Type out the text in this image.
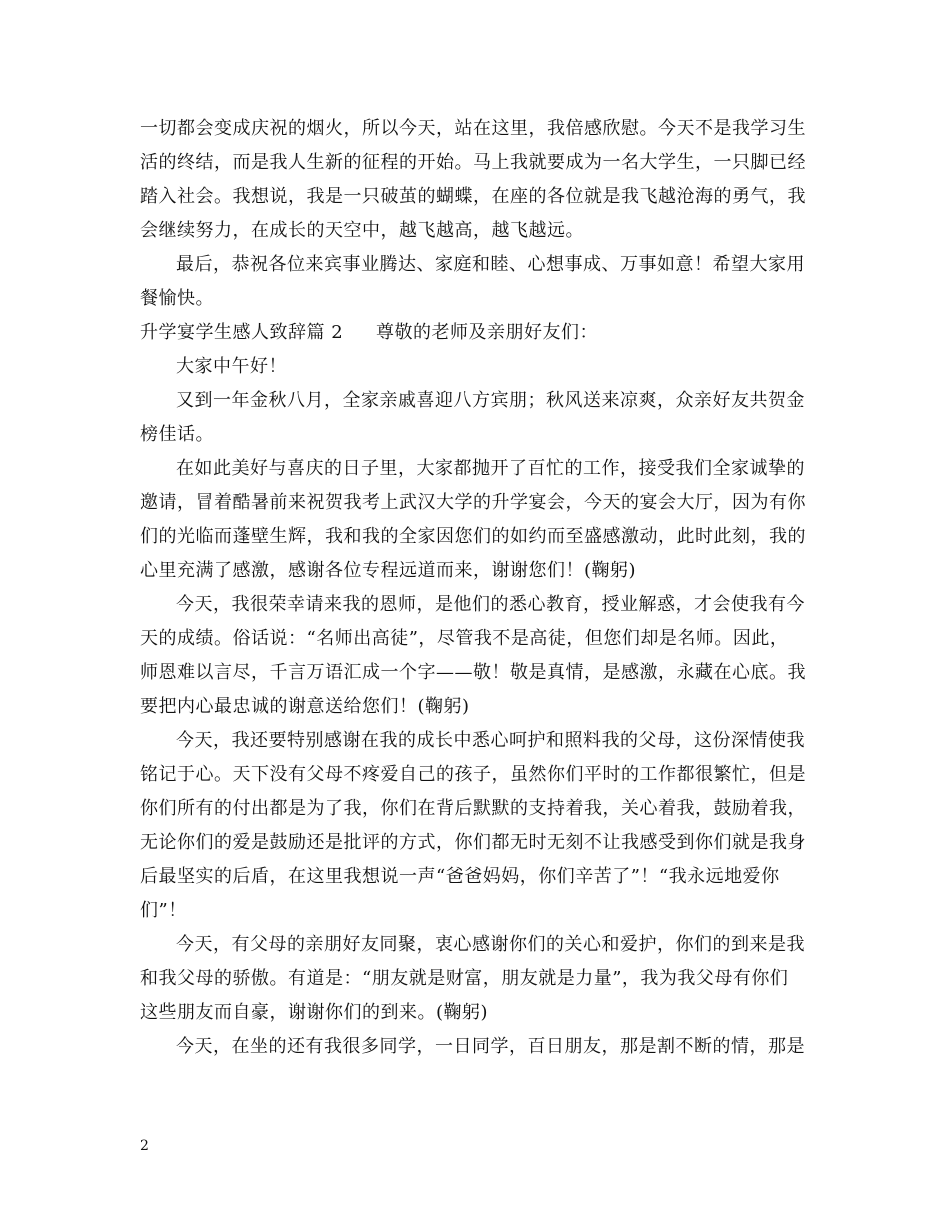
一切都会变成庆祝的烟火，所以今天，站在这里，我倍感欣慰。今天不是我学习生
活的终结，而是我人生新的征程的开始。马上我就要成为一名大学生，一只脚已经
踏入社会。我想说，我是一只破茧的蝴蝶，在座的各位就是我飞越沧海的勇气，我
会继续努力，在成长的天空中，越飞越高，越飞越远。
最后，恭祝各位来宾事业腾达、家庭和睦、心想事成、万事如意！希望大家用
餐愉快。
升学宴学生感人致辞篇 2	尊敬的老师及亲朋好友们：
大家中午好！
又到一年金秋八月，全家亲戚喜迎八方宾朋；秋风送来凉爽，众亲好友共贺金
榜佳话。
在如此美好与喜庆的日子里，大家都抛开了百忙的工作，接受我们全家诚挚的
邀请，冒着酷暑前来祝贺我考上武汉大学的升学宴会，今天的宴会大厅，因为有你
们的光临而蓬壁生辉，我和我的全家因您们的如约而至盛感激动，此时此刻，我的
心里充满了感激，感谢各位专程远道而来，谢谢您们！(鞠躬)
今天，我很荣幸请来我的恩师，是他们的悉心教育，授业解惑，才会使我有今
天的成绩。俗话说：“名师出高徒”，尽管我不是高徒，但您们却是名师。因此，
师恩难以言尽，千言万语汇成一个字——敬！敬是真情，是感激，永藏在心底。我
要把内心最忠诚的谢意送给您们！(鞠躬)
今天，我还要特别感谢在我的成长中悉心呵护和照料我的父母，这份深情使我
铭记于心。天下没有父母不疼爱自己的孩子，虽然你们平时的工作都很繁忙，但是
你们所有的付出都是为了我，你们在背后默默的支持着我，关心着我，鼓励着我，
无论你们的爱是鼓励还是批评的方式，你们都无时无刻不让我感受到你们就是我身
后最坚实的后盾，在这里我想说一声“爸爸妈妈，你们辛苦了”！“我永远地爱你
们”！
今天，有父母的亲朋好友同聚，衷心感谢你们的关心和爱护，你们的到来是我
和我父母的骄傲。有道是：“朋友就是财富，朋友就是力量”，我为我父母有你们
这些朋友而自豪，谢谢你们的到来。(鞠躬)
今天，在坐的还有我很多同学，一日同学，百日朋友，那是割不断的情，那是
2
